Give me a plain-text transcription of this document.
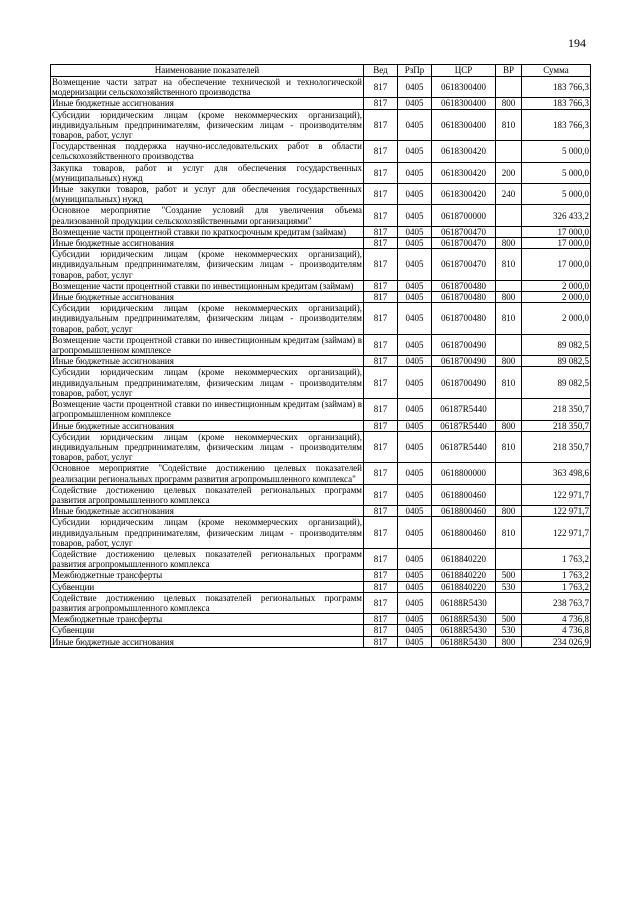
194
Наименование показателей	Вед	РзПр	ЦСР	ВР	Сумма
Возмещение части затрат на обеспечение технической и технологической модернизации сельскохозяйственного производства	817	0405	0618300400		183 766,3
Иные бюджетные ассигнования	817	0405	0618300400	800	183 766,3
Субсидии юридическим лицам (кроме некоммерческих организаций), индивидуальным предпринимателям, физическим лицам - производителям товаров, работ, услуг	817	0405	0618300400	810	183 766,3
Государственная поддержка научно-исследовательских работ в области сельскохозяйственного производства	817	0405	0618300420		5 000,0
Закупка товаров, работ и услуг для обеспечения государственных (муниципальных) нужд	817	0405	0618300420	200	5 000,0
Иные закупки товаров, работ и услуг для обеспечения государственных (муниципальных) нужд	817	0405	0618300420	240	5 000,0
Основное мероприятие "Создание условий для увеличения объема реализованной продукции сельскохозяйственными организациями"	817	0405	0618700000		326 433,2
Возмещение части процентной ставки по краткосрочным кредитам (займам)	817	0405	0618700470		17 000,0
Иные бюджетные ассигнования	817	0405	0618700470	800	17 000,0
Субсидии юридическим лицам (кроме некоммерческих организаций), индивидуальным предпринимателям, физическим лицам - производителям товаров, работ, услуг	817	0405	0618700470	810	17 000,0
Возмещение части процентной ставки по инвестиционным кредитам (займам)	817	0405	0618700480		2 000,0
Иные бюджетные ассигнования	817	0405	0618700480	800	2 000,0
Субсидии юридическим лицам (кроме некоммерческих организаций), индивидуальным предпринимателям, физическим лицам - производителям товаров, работ, услуг	817	0405	0618700480	810	2 000,0
Возмещение части процентной ставки по инвестиционным кредитам (займам) в агропромышленном комплексе	817	0405	0618700490		89 082,5
Иные бюджетные ассигнования	817	0405	0618700490	800	89 082,5
Субсидии юридическим лицам (кроме некоммерческих организаций), индивидуальным предпринимателям, физическим лицам - производителям товаров, работ, услуг	817	0405	0618700490	810	89 082,5
Возмещение части процентной ставки по инвестиционным кредитам (займам) в агропромышленном комплексе	817	0405	06187R5440		218 350,7
Иные бюджетные ассигнования	817	0405	06187R5440	800	218 350,7
Субсидии юридическим лицам (кроме некоммерческих организаций), индивидуальным предпринимателям, физическим лицам - производителям товаров, работ, услуг	817	0405	06187R5440	810	218 350,7
Основное мероприятие "Содействие достижению целевых показателей реализации региональных программ развития агропромышленного комплекса"	817	0405	0618800000		363 498,6
Содействие достижению целевых показателей региональных программ развития агропромышленного комплекса	817	0405	0618800460		122 971,7
Иные бюджетные ассигнования	817	0405	0618800460	800	122 971,7
Субсидии юридическим лицам (кроме некоммерческих организаций), индивидуальным предпринимателям, физическим лицам - производителям товаров, работ, услуг	817	0405	0618800460	810	122 971,7
Содействие достижению целевых показателей региональных программ развития агропромышленного комплекса	817	0405	0618840220		1 763,2
Межбюджетные трансферты	817	0405	0618840220	500	1 763,2
Субвенции	817	0405	0618840220	530	1 763,2
Содействие достижению целевых показателей региональных программ развития агропромышленного комплекса	817	0405	06188R5430		238 763,7
Межбюджетные трансферты	817	0405	06188R5430	500	4 736,8
Субвенции	817	0405	06188R5430	530	4 736,8
Иные бюджетные ассигнования	817	0405	06188R5430	800	234 026,9
